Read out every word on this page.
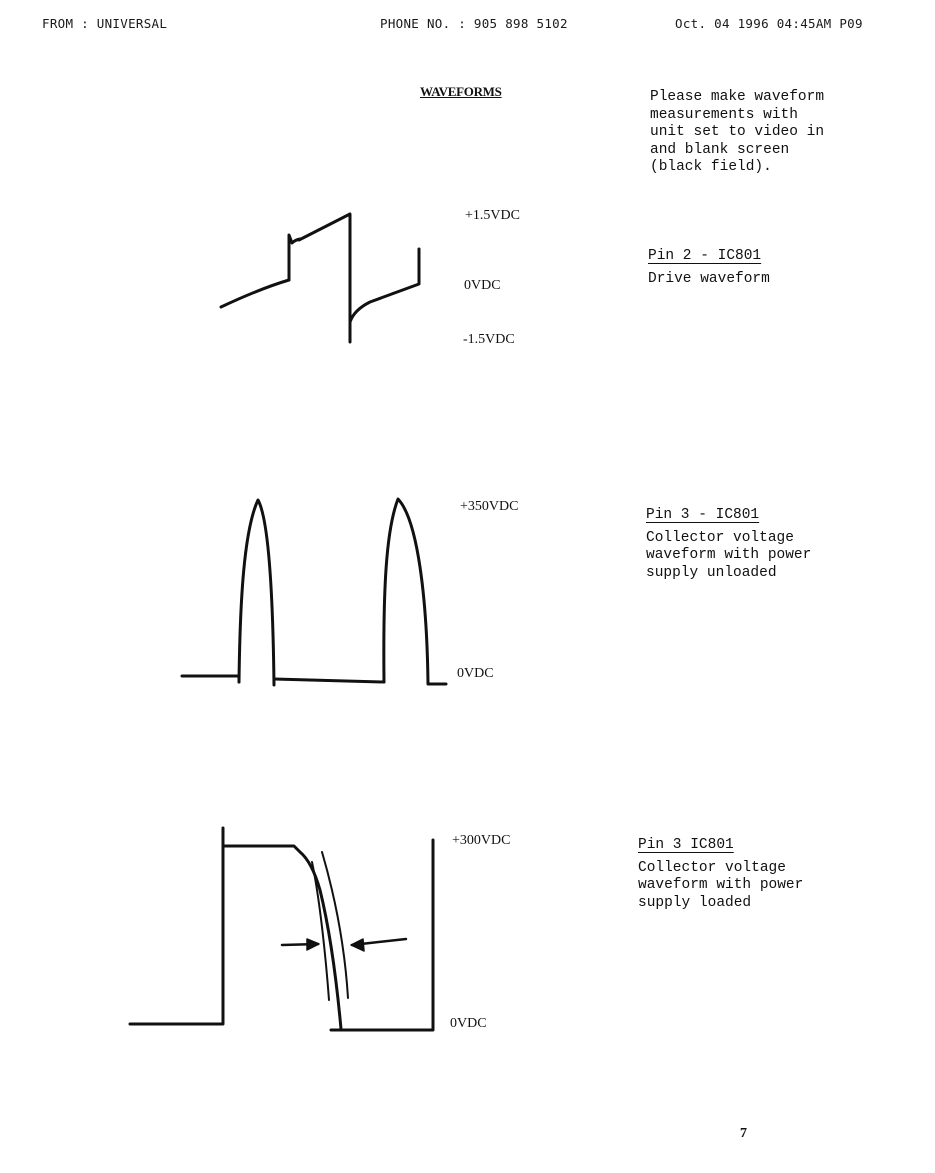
FROM : UNIVERSAL	PHONE NO. : 905 898 5102	Oct. 04 1996 04:45AM P09
WAVEFORMS	Please make waveform
measurements with
unit set to video in
and blank screen
(black field).
+1.5VDC
0VDC
-1.5VDC
+350VDC
0VDC
+300VDC
0VDC
Pin 2 - IC801
Drive waveform
Pin 3 - IC801
Collector voltage
waveform with power
supply unloaded
Pin 3 IC801
Collector voltage
waveform with power
supply loaded
7
